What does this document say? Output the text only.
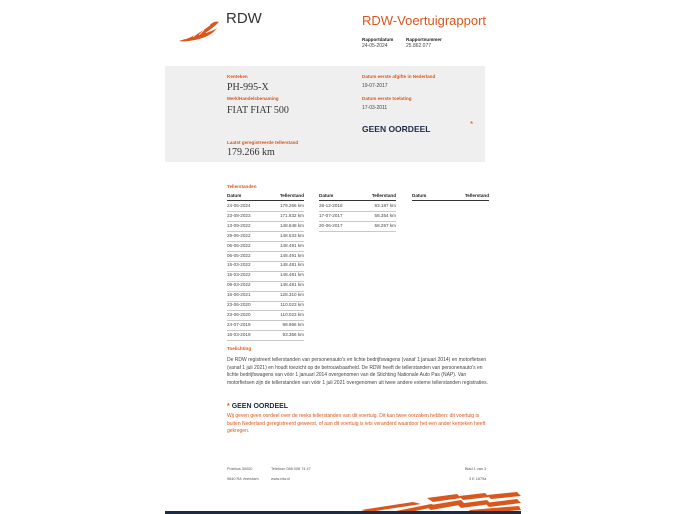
RDW	RDW-Voertuigrapport
Rapportdatum
24-05-2024
Rapportnummer
25.862.077
Kenteken
PH-995-X
Merk/Handelsbenaming
FIAT FIAT 500
Datum eerste afgifte in Nederland
19-07-2017
Datum eerste toelating
17-03-2011
GEEN OORDEEL	*
Laatst geregistreerde tellerstand
179.266 km
Tellerstanden
Datum	Tellerstand
24-05-2024	179.266 km
23-08-2023	171.832 km
13-09-2022	148.648 km
29-06-2022	148.533 km
06-05-2022	148.491 km
06-05-2022	148.491 km
15-03-2022	148.481 km
15-03-2022	148.481 km
09-03-2022	148.481 km
16-06-2021	128.310 km
23-06-2020	110.023 km
23-06-2020	110.023 km
24-07-2019	98.966 km
16-03-2019	93.356 km
Datum	Tellerstand
28-12-2018	93.187 km
17-07-2017	58.354 km
20-06-2017	58.257 km
Datum	Tellerstand
Toelichting
De RDW registreert tellerstanden van personenauto's en lichte bedrijfswagens (vanaf 1 januari 2014) en motorfietsen (vanaf 1 juli 2021) en houdt toezicht op de betrouwbaarheid. De RDW heeft de tellerstanden van personenauto's en lichte bedrijfswagens van vóór 1 januari 2014 overgenomen van de Stichting Nationale Auto Pas (NAP). Van motorfietsen zijn de tellerstanden van vóór 1 juli 2021 overgenomen uit twee andere externe tellerstanden registraties.
* GEEN OORDEEL
Wij geven geen oordeel over de reeks tellerstanden van dit voertuig. Dit kan twee oorzaken hebben: dit voertuig is buiten Nederland geregistreerd geweest, of aan dit voertuig is iets veranderd waardoor het een ander kenteken heeft gekregen.
Postbus 30000
9640 RA Veendam
Telefoon 088 008 74 47
www.rdw.nl
Blad 1 van 3
3 E 1679a
